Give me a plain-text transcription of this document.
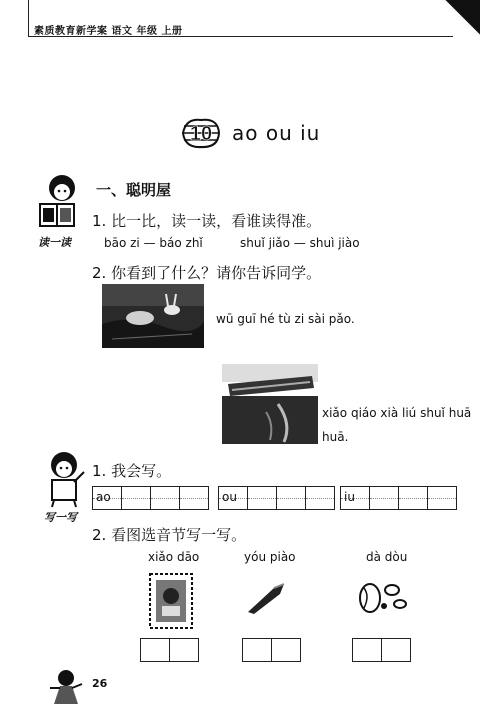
素质教育新学案 语文 年级 上册
10 ao ou iu
读一读
一、聪明屋
1. 比一比，读一读，看谁读得准。
bāo zi — báo zhǐ	shuǐ jiǎo — shuì jiào
2. 你看到了什么？请你告诉同学。
wū guī hé tù zi sài pǎo.
xiǎo qiáo xià liú shuǐ huā
huā.
写一写
1. 我会写。
ao	ou	iu
2. 看图选音节写一写。
xiǎo dāo	yóu piào	dà dòu
26
